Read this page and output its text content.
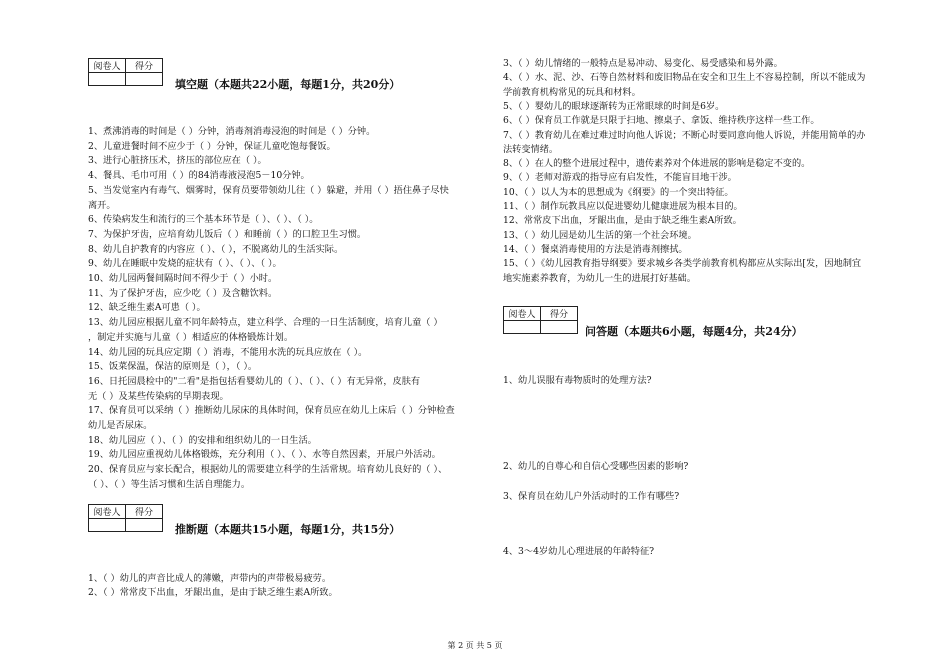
阅卷人	得分

填空题（本题共22小题，每题1分，共20分）
1、煮沸消毒的时间是（ ）分钟，消毒剂消毒浸泡的时间是（ ）分钟。
2、儿童进餐时间不应少于（ ）分钟，保证儿童吃饱每餐饭。
3、进行心脏挤压术，挤压的部位应在（ ）。
4、餐具、毛巾可用（ ）的84消毒液浸泡5－10分钟。
5、当发觉室内有毒气、烟雾时，保育员要带领幼儿往（ ）躲避，并用（ ）捂住鼻子尽快
离开。
6、传染病发生和流行的三个基本环节是（ ）、（ ）、（ ）。
7、为保护牙齿，应培育幼儿饭后（ ）和睡前（ ）的口腔卫生习惯。
8、幼儿自护教育的内容应（ ）、（ ），不脱离幼儿的生活实际。
9、幼儿在睡眠中发烧的症状有（ ）、（ ）、（ ）。
10、幼儿园两餐间隔时间不得少于（ ）小时。
11、为了保护牙齿，应少吃（ ）及含糖饮料。
12、缺乏维生素A可患（ ）。
13、幼儿园应根据儿童不同年龄特点，建立科学、合理的一日生活制度，培育儿童（ ）
，制定并实施与儿童（ ）相适应的体格锻炼计划。
14、幼儿园的玩具应定期（ ）消毒，不能用水洗的玩具应放在（ ）。
15、饭菜保温，保洁的原则是（ ），（ ）。
16、日托园晨检中的"二看"是指包括看婴幼儿的（ ）、（ ）、（ ）有无异常，皮肤有
无（ ）及某些传染病的早期表现。
17、保育员可以采纳（ ）推断幼儿尿床的具体时间，保育员应在幼儿上床后（ ）分钟检查
幼儿是否尿床。
18、幼儿园应（ ）、（ ）的安排和组织幼儿的一日生活。
19、幼儿园应重视幼儿体格锻炼，充分利用（ ）、（ ）、水等自然因素，开展户外活动。
20、保育员应与家长配合，根据幼儿的需要建立科学的生活常规。培育幼儿良好的（ ）、
（ ）、（ ）等生活习惯和生活自理能力。
阅卷人	得分

推断题（本题共15小题，每题1分，共15分）
1、（ ）幼儿的声音比成人的薄嫩，声带内的声带极易疲劳。
2、（ ）常常皮下出血，牙龈出血，是由于缺乏维生素A所致。
3、（ ）幼儿情绪的一般特点是易冲动、易变化、易受感染和易外露。
4、（ ）水、泥、沙、石等自然材料和废旧物品在安全和卫生上不容易控制，所以不能成为
学前教育机构常见的玩具和材料。
5、（ ）婴幼儿的眼球逐渐转为正常眼球的时间是6岁。
6、（ ）保育员工作就是只限于扫地、擦桌子、拿饭、维持秩序这样一些工作。
7、（ ）教育幼儿在难过难过时向他人诉说；不断心时要同意向他人诉说，并能用简单的办
法转变情绪。
8、（ ）在人的整个进展过程中，遗传素养对个体进展的影响是稳定不变的。
9、（ ）老师对游戏的指导应有启发性，不能盲目地干涉。
10、（ ）以人为本的思想成为《纲要》的一个突出特征。
11、（ ）制作玩教具应以促进婴幼儿健康进展为根本目的。
12、常常皮下出血，牙龈出血，是由于缺乏维生素A所致。
13、（ ）幼儿园是幼儿生活的第一个社会环境。
14、（ ）餐桌消毒使用的方法是消毒剂擦拭。
15、（ ）《幼儿园教育指导纲要》要求城乡各类学前教育机构都应从实际出[发，因地制宜
地实施素养教育，为幼儿一生的进展打好基础。
阅卷人	得分

问答题（本题共6小题，每题4分，共24分）
1、幼儿误服有毒物质时的处理方法?
2、幼儿的自尊心和自信心受哪些因素的影响?
3、保育员在幼儿户外活动时的工作有哪些?
4、3～4岁幼儿心理进展的年龄特征?
第 2 页 共 5 页
